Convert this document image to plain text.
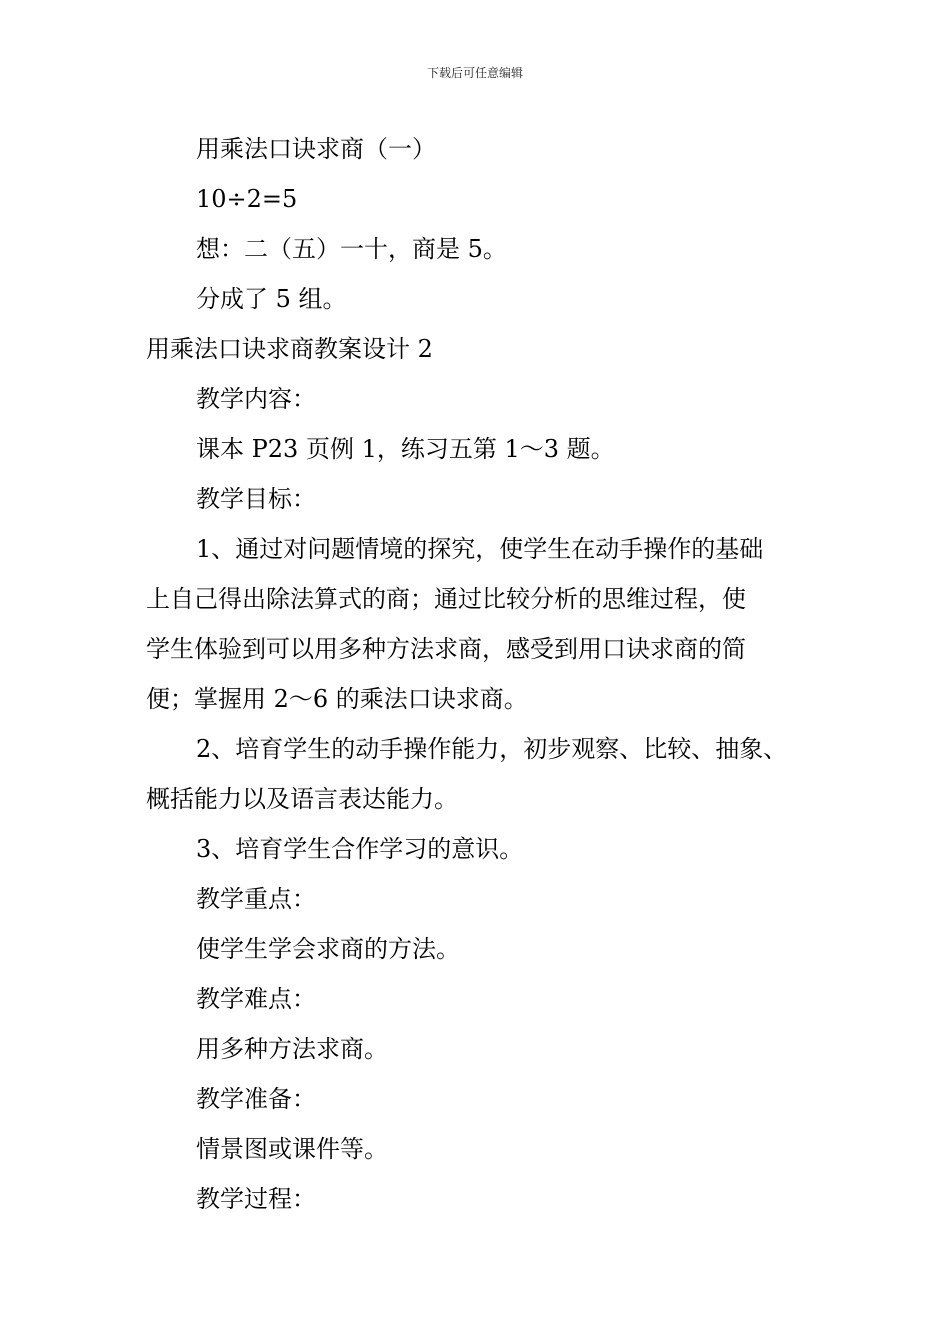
下载后可任意编辑
用乘法口诀求商（一）
10÷2=5
想：二（五）一十，商是 5。
分成了 5 组。
用乘法口诀求商教案设计 2
教学内容：
课本 P23 页例 1，练习五第 1～3 题。
教学目标：
1、通过对问题情境的探究，使学生在动手操作的基础
上自己得出除法算式的商；通过比较分析的思维过程，使
学生体验到可以用多种方法求商，感受到用口诀求商的简
便；掌握用 2～6 的乘法口诀求商。
2、培育学生的动手操作能力，初步观察、比较、抽象、
概括能力以及语言表达能力。
3、培育学生合作学习的意识。
教学重点：
使学生学会求商的方法。
教学难点：
用多种方法求商。
教学准备：
情景图或课件等。
教学过程：
